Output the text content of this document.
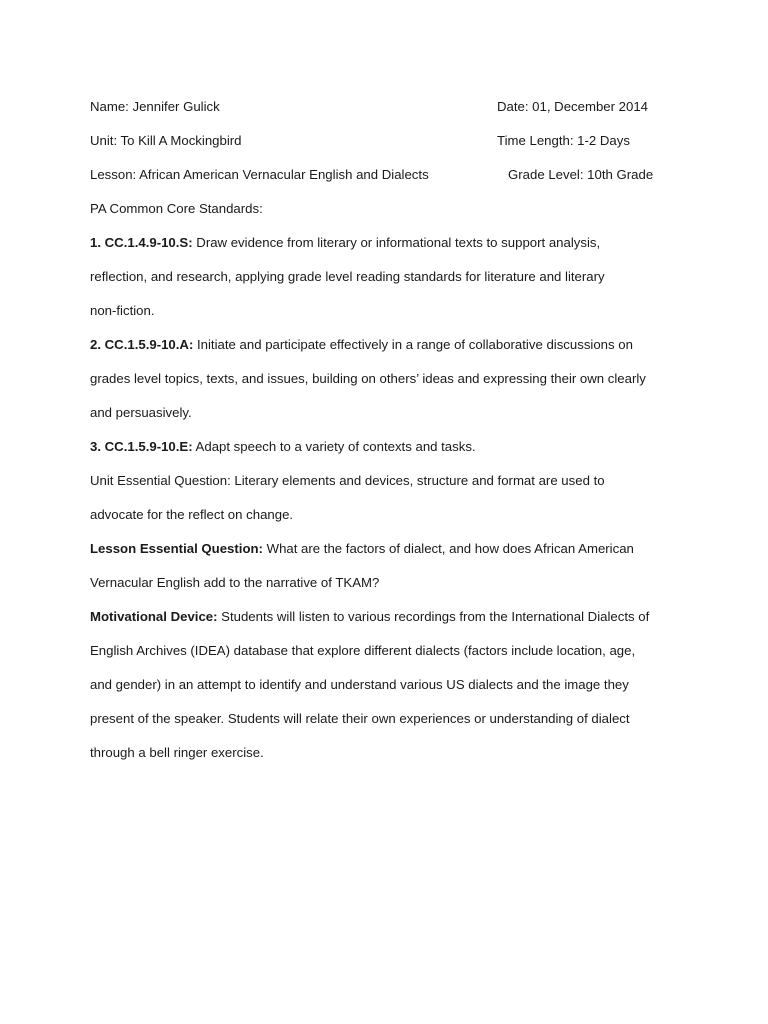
Name: Jennifer Gulick	Date: 01, December 2014
Unit: To Kill A Mockingbird	Time Length: 1-2 Days
Lesson: African American Vernacular English and Dialects	Grade Level: 10th Grade
PA Common Core Standards:
1. CC.1.4.9-10.S: Draw evidence from literary or informational texts to support analysis,
reflection, and research, applying grade level reading standards for literature and literary
non-fiction.
2. CC.1.5.9-10.A: Initiate and participate effectively in a range of collaborative discussions on
grades level topics, texts, and issues, building on others’ ideas and expressing their own clearly
and persuasively.
3. CC.1.5.9-10.E: Adapt speech to a variety of contexts and tasks.
Unit Essential Question: Literary elements and devices, structure and format are used to
advocate for the reflect on change.
Lesson Essential Question: What are the factors of dialect, and how does African American
Vernacular English add to the narrative of TKAM?
Motivational Device: Students will listen to various recordings from the International Dialects of
English Archives (IDEA) database that explore different dialects (factors include location, age,
and gender) in an attempt to identify and understand various US dialects and the image they
present of the speaker. Students will relate their own experiences or understanding of dialect
through a bell ringer exercise.
